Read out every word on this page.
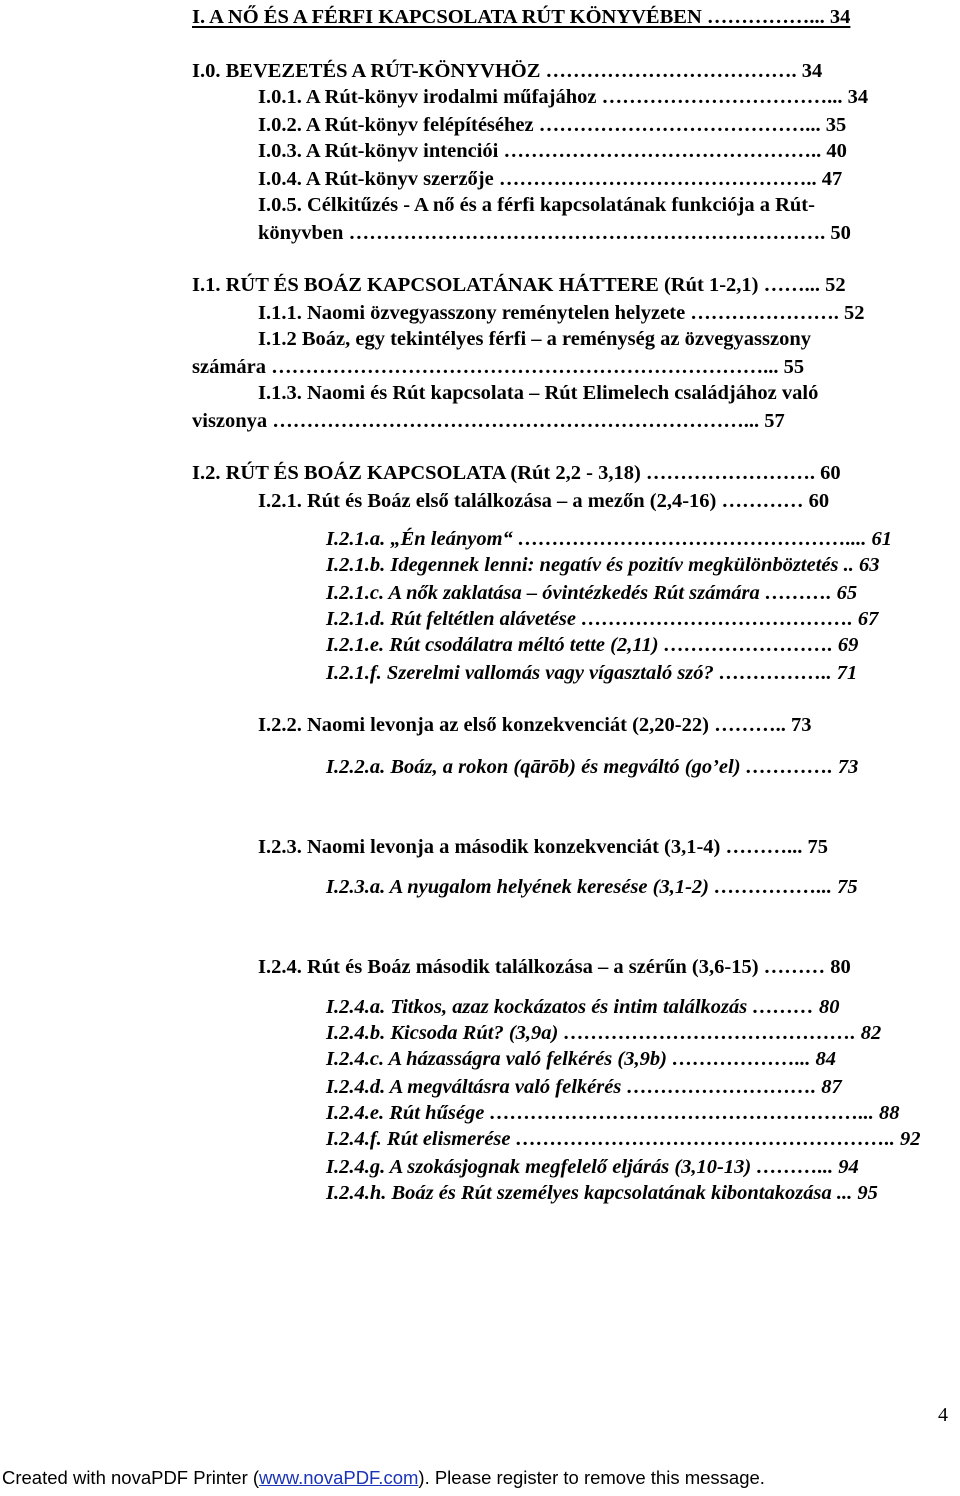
I. A NŐ ÉS A FÉRFI KAPCSOLATA RÚT KÖNYVÉBEN ……………... 34
I.0. BEVEZETÉS A RÚT-KÖNYVHÖZ ………………………………. 34
I.0.1. A Rút-könyv irodalmi műfajához ……………………………... 34
I.0.2. A Rút-könyv felépítéséhez …………………………………... 35
I.0.3. A Rút-könyv intenciói ……………………………………….. 40
I.0.4. A Rút-könyv szerzője ……………………………………….. 47
I.0.5. Célkitűzés - A nő és a férfi kapcsolatának funkciója a Rút-
könyvben ……………………………………………………………. 50
I.1. RÚT ÉS BOÁZ KAPCSOLATÁNAK HÁTTERE (Rút 1-2,1) ……... 52
I.1.1. Naomi özvegyasszony reménytelen helyzete …………………. 52
I.1.2 Boáz, egy tekintélyes férfi – a reménység az özvegyasszony
számára ………………………………………………………………... 55
I.1.3. Naomi és Rút kapcsolata – Rút Elimelech családjához való
viszonya ……………………………………………………………... 57
I.2. RÚT ÉS BOÁZ KAPCSOLATA (Rút 2,2 - 3,18) ……………………. 60
I.2.1. Rút és Boáz első találkozása – a mezőn (2,4-16) ………… 60
I.2.1.a. „Én leányom“ ………………………………………….... 61
I.2.1.b. Idegennek lenni: negatív és pozitív megkülönböztetés .. 63
I.2.1.c. A nők zaklatása – óvintézkedés Rút számára ………. 65
I.2.1.d. Rút feltétlen alávetése …………………………………. 67
I.2.1.e. Rút csodálatra méltó tette (2,11) ……………………. 69
I.2.1.f. Szerelmi vallomás vagy vígasztaló szó? …………….. 71
I.2.2. Naomi levonja az első konzekvenciát (2,20-22) ……….. 73
I.2.2.a. Boáz, a rokon (qārōb) és megváltó (go’el) …………. 73
I.2.3. Naomi levonja a második konzekvenciát (3,1-4) ………... 75
I.2.3.a. A nyugalom helyének keresése (3,1-2) ……………... 75
I.2.4. Rút és Boáz második találkozása – a szérűn (3,6-15) ……… 80
I.2.4.a. Titkos, azaz kockázatos és intim találkozás ……… 80
I.2.4.b. Kicsoda Rút? (3,9a) ……………………………………. 82
I.2.4.c. A házasságra való felkérés (3,9b) ………………... 84
I.2.4.d. A megváltásra való felkérés ………………………. 87
I.2.4.e. Rút hűsége ………………………………………………... 88
I.2.4.f. Rút elismerése ……………………………………………….. 92
I.2.4.g. A szokásjognak megfelelő eljárás (3,10-13) ………... 94
I.2.4.h. Boáz és Rút személyes kapcsolatának kibontakozása ... 95
4
Created with novaPDF Printer (www.novaPDF.com). Please register to remove this message.
